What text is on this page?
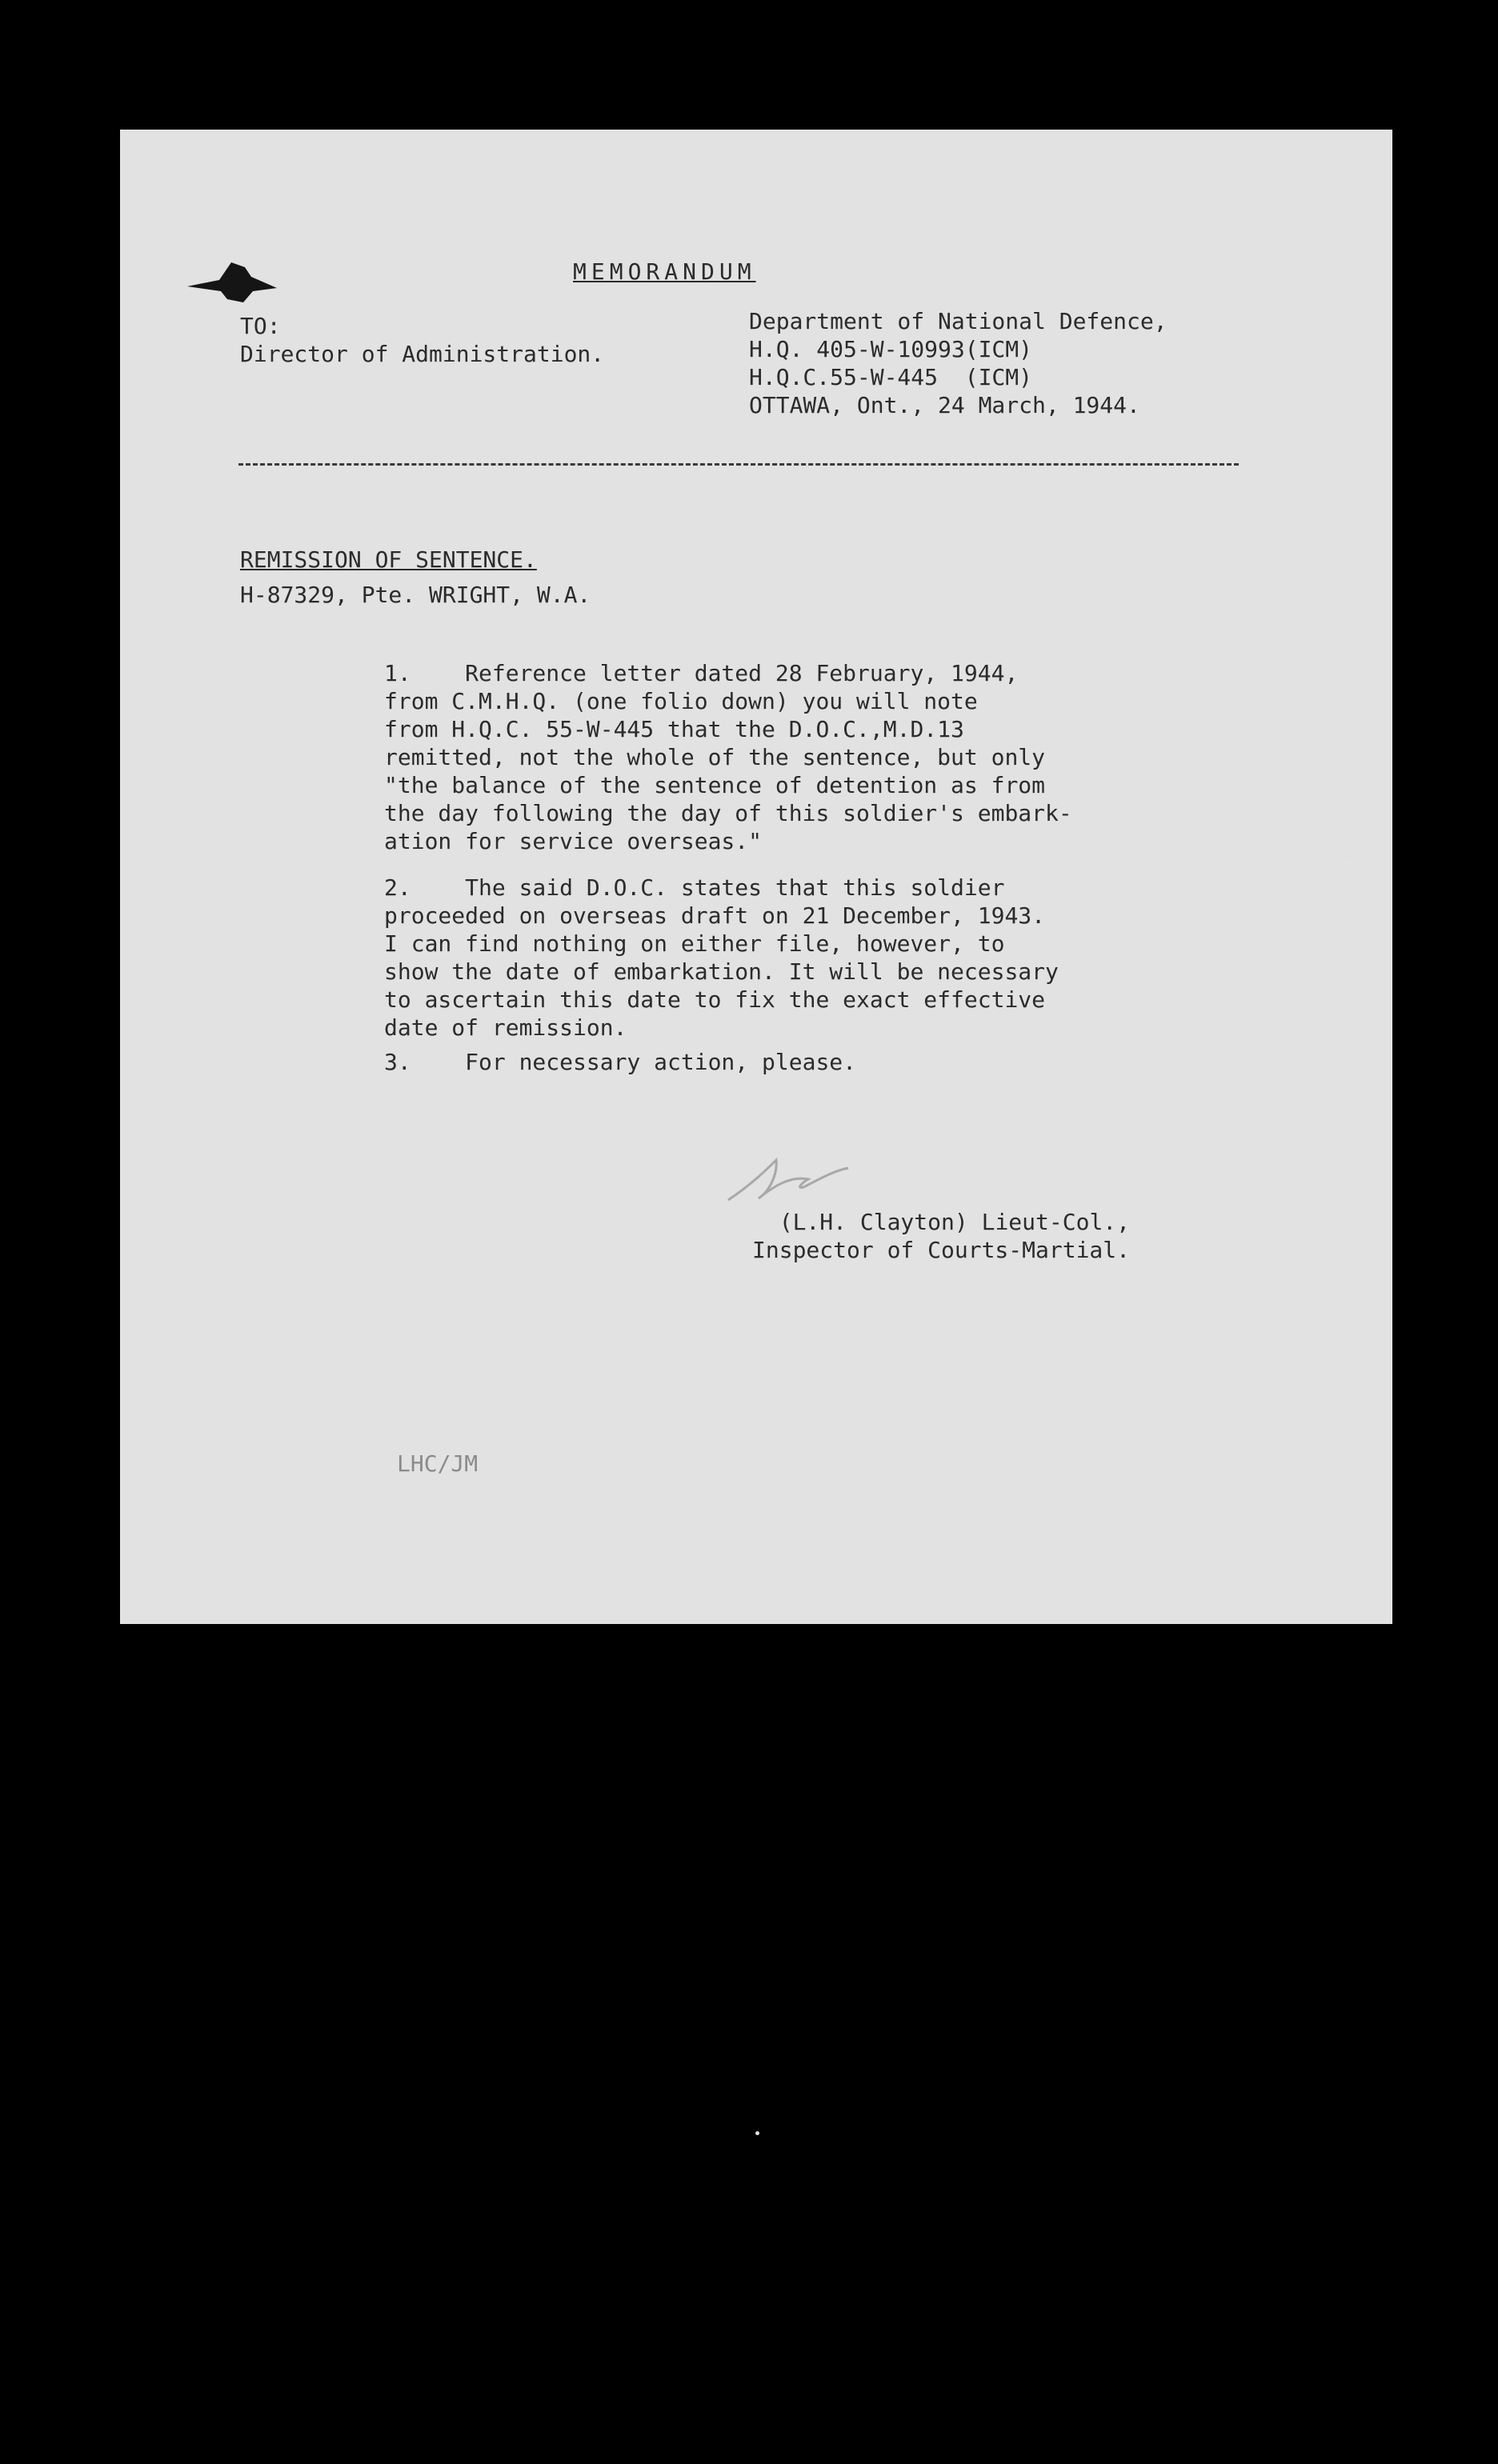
MEMORANDUM
TO:
Director of Administration.
Department of National Defence,
H.Q. 405-W-10993(ICM)
H.Q.C.55-W-445  (ICM)
OTTAWA, Ont., 24 March, 1944.
REMISSION OF SENTENCE.
H-87329, Pte. WRIGHT, W.A.
1.    Reference letter dated 28 February, 1944,
from C.M.H.Q. (one folio down) you will note
from H.Q.C. 55-W-445 that the D.O.C.,M.D.13
remitted, not the whole of the sentence, but only
"the balance of the sentence of detention as from
the day following the day of this soldier's embark-
ation for service overseas."
2.    The said D.O.C. states that this soldier
proceeded on overseas draft on 21 December, 1943.
I can find nothing on either file, however, to
show the date of embarkation. It will be necessary
to ascertain this date to fix the exact effective
date of remission.
3.    For necessary action, please.
(L.H. Clayton) Lieut-Col.,
Inspector of Courts-Martial.
LHC/JM
